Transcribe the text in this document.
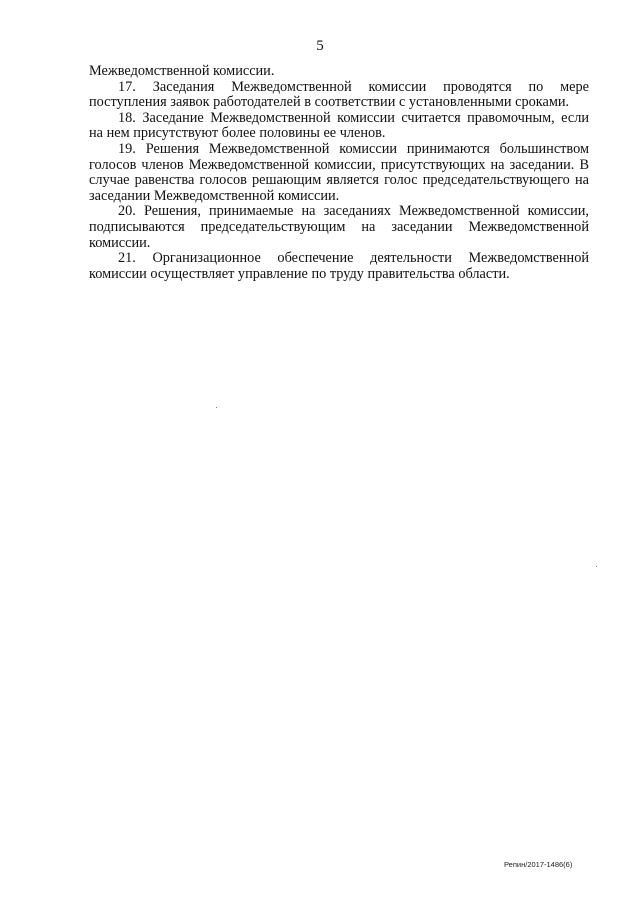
5

Межведомственной комиссии.

17. Заседания Межведомственной комиссии проводятся по мере поступления заявок работодателей в соответствии с установленными сроками.

18. Заседание Межведомственной комиссии считается правомочным, если на нем присутствуют более половины ее членов.

19. Решения Межведомственной комиссии принимаются большинством голосов членов Межведомственной комиссии, присутствующих на заседании. В случае равенства голосов решающим является голос председательствующего на заседании Межведомственной комиссии.

20. Решения, принимаемые на заседаниях Межведомственной комиссии, подписываются председательствующим на заседании Межведомственной комиссии.

21. Организационное обеспечение деятельности Межведомственной комиссии осуществляет управление по труду правительства области.

Репин/2017-1486(6)
